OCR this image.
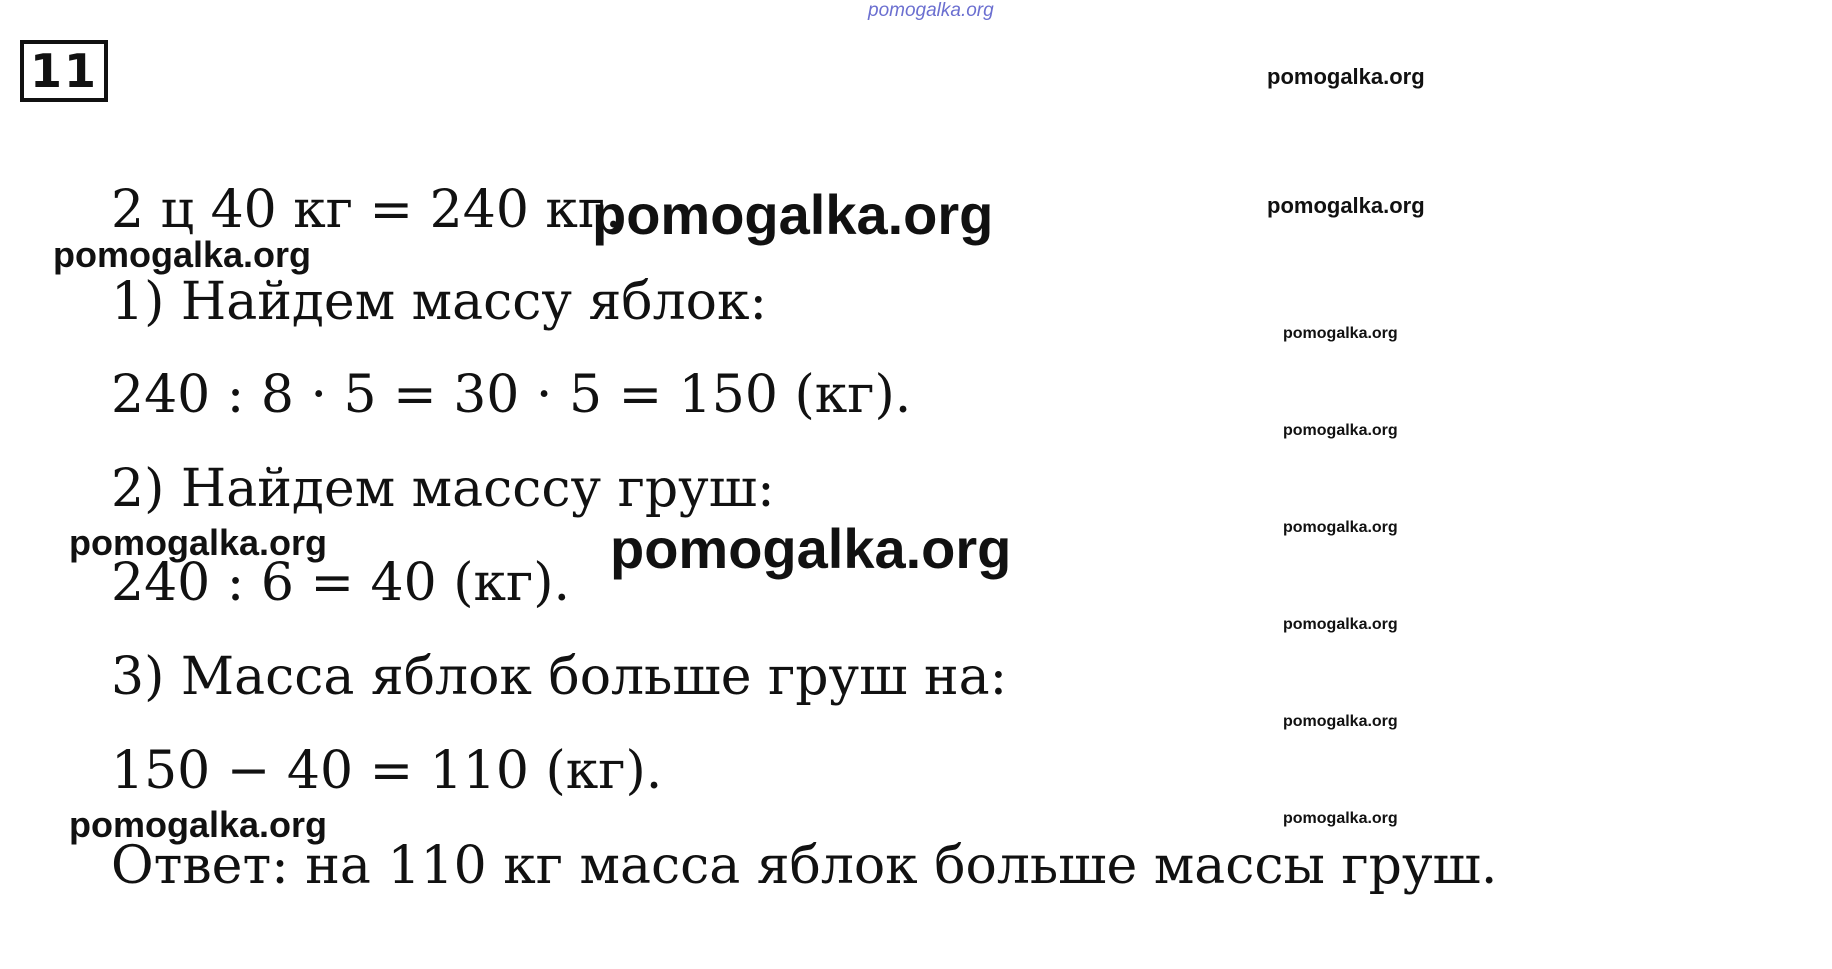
pomogalka.org
11
2 ц 40 кг = 240 кг.
1) Найдем массу яблок:
240 : 8 · 5 = 30 · 5 = 150 (кг).
2) Найдем масссу груш:
240 : 6 = 40 (кг).
3) Масса яблок больше груш на:
150 − 40 = 110 (кг).
Ответ: на 110 кг масса яблок больше массы груш.
pomogalka.org
pomogalka.org
pomogalka.org
pomogalka.org
pomogalka.org
pomogalka.org
pomogalka.org
pomogalka.org
pomogalka.org
pomogalka.org
pomogalka.org
pomogalka.org
pomogalka.org
